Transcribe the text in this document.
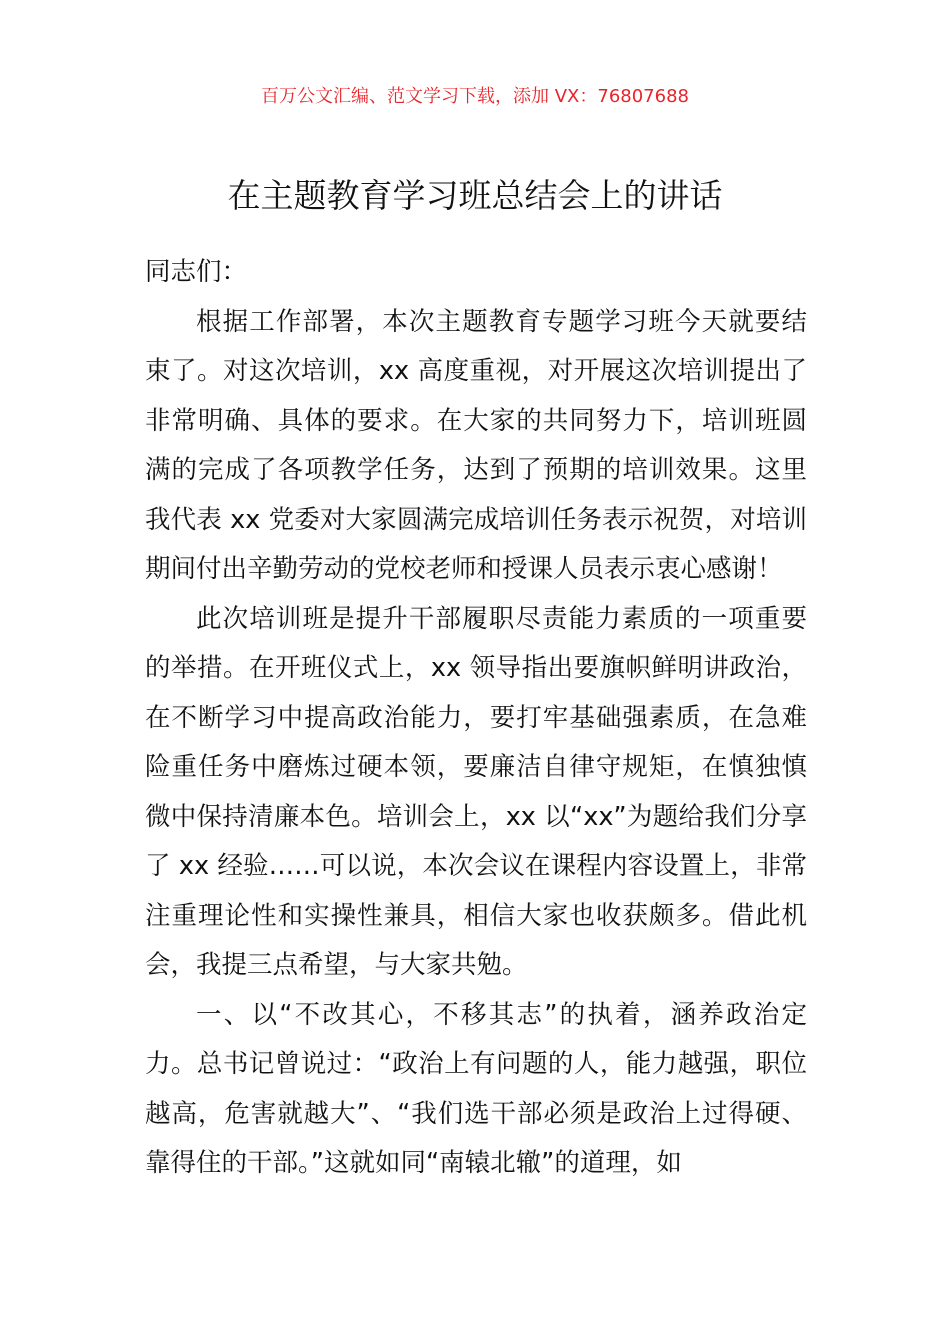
百万公文汇编、范文学习下载，添加 VX：76807688
在主题教育学习班总结会上的讲话

同志们：

根据工作部署，本次主题教育专题学习班今天就要结束了。对这次培训，xx 高度重视，对开展这次培训提出了非常明确、具体的要求。在大家的共同努力下，培训班圆满的完成了各项教学任务，达到了预期的培训效果。这里我代表 xx 党委对大家圆满完成培训任务表示祝贺，对培训期间付出辛勤劳动的党校老师和授课人员表示衷心感谢！

此次培训班是提升干部履职尽责能力素质的一项重要的举措。在开班仪式上，xx 领导指出要旗帜鲜明讲政治，在不断学习中提高政治能力，要打牢基础强素质，在急难险重任务中磨炼过硬本领，要廉洁自律守规矩，在慎独慎微中保持清廉本色。培训会上，xx 以“xx”为题给我们分享了 xx 经验……可以说，本次会议在课程内容设置上，非常注重理论性和实操性兼具，相信大家也收获颇多。借此机会，我提三点希望，与大家共勉。

一、以“不改其心，不移其志”的执着，涵养政治定力。总书记曾说过：“政治上有问题的人，能力越强，职位越高，危害就越大”、“我们选干部必须是政治上过得硬、靠得住的干部。”这就如同“南辕北辙”的道理，如
